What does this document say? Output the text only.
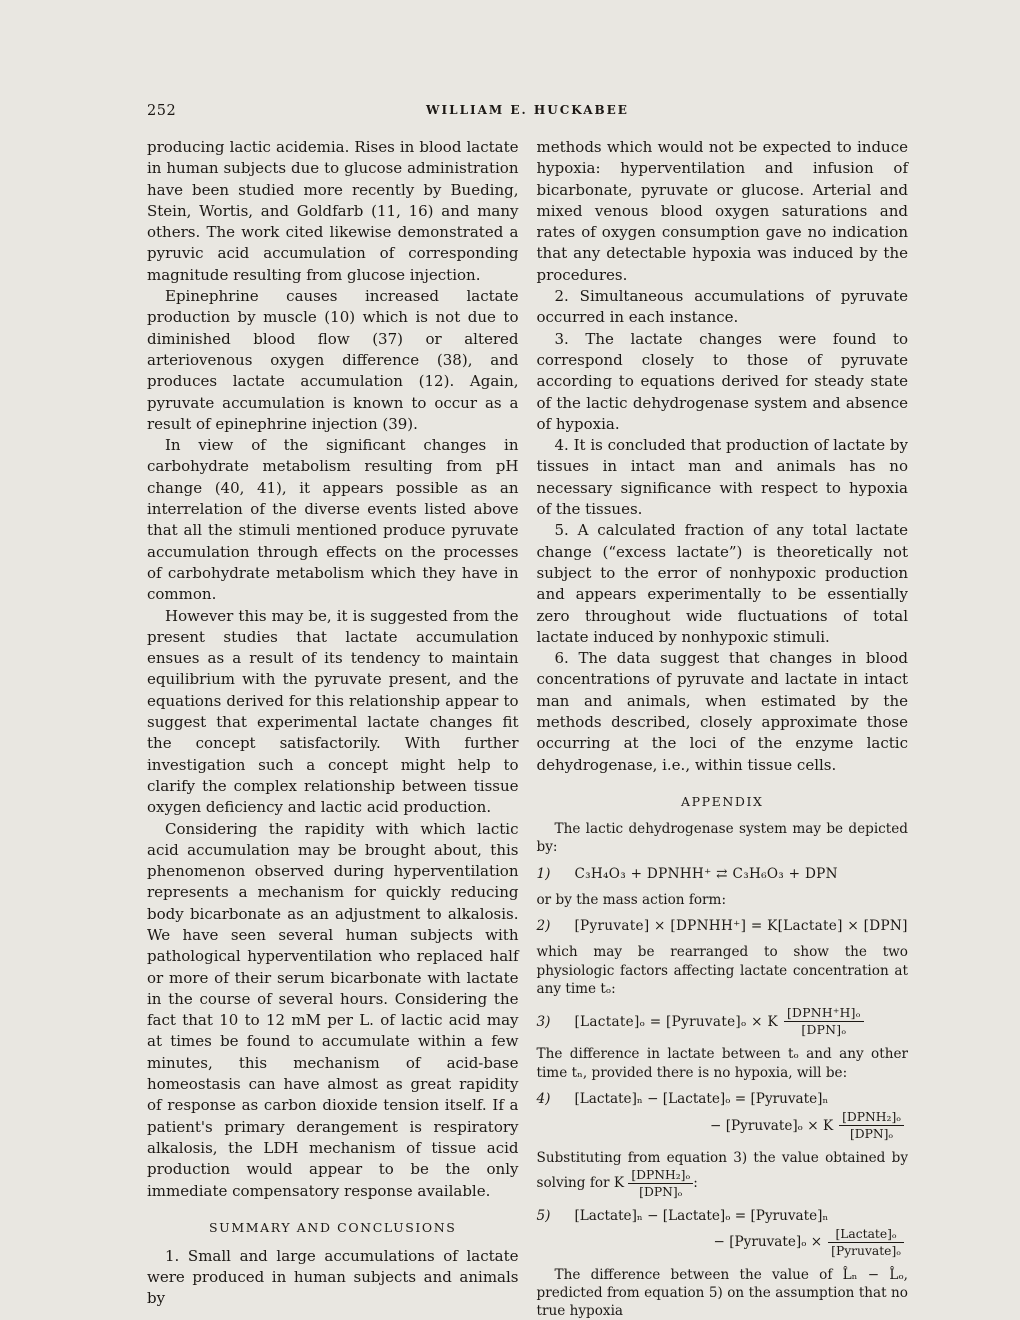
252	WILLIAM E. HUCKABEE

producing lactic acidemia. Rises in blood lactate in human subjects due to glucose administration have been studied more recently by Bueding, Stein, Wortis, and Goldfarb (11, 16) and many others. The work cited likewise demonstrated a pyruvic acid accumulation of corresponding magnitude resulting from glucose injection.

Epinephrine causes increased lactate production by muscle (10) which is not due to diminished blood flow (37) or altered arteriovenous oxygen difference (38), and produces lactate accumulation (12). Again, pyruvate accumulation is known to occur as a result of epinephrine injection (39).

In view of the significant changes in carbohydrate metabolism resulting from pH change (40, 41), it appears possible as an interrelation of the diverse events listed above that all the stimuli mentioned produce pyruvate accumulation through effects on the processes of carbohydrate metabolism which they have in common.

However this may be, it is suggested from the present studies that lactate accumulation ensues as a result of its tendency to maintain equilibrium with the pyruvate present, and the equations derived for this relationship appear to suggest that experimental lactate changes fit the concept satisfactorily. With further investigation such a concept might help to clarify the complex relationship between tissue oxygen deficiency and lactic acid production.

Considering the rapidity with which lactic acid accumulation may be brought about, this phenomenon observed during hyperventilation represents a mechanism for quickly reducing body bicarbonate as an adjustment to alkalosis. We have seen several human subjects with pathological hyperventilation who replaced half or more of their serum bicarbonate with lactate in the course of several hours. Considering the fact that 10 to 12 mM per L. of lactic acid may at times be found to accumulate within a few minutes, this mechanism of acid-base homeostasis can have almost as great rapidity of response as carbon dioxide tension itself. If a patient's primary derangement is respiratory alkalosis, the LDH mechanism of tissue acid production would appear to be the only immediate compensatory response available.

SUMMARY AND CONCLUSIONS

1. Small and large accumulations of lactate were produced in human subjects and animals by

methods which would not be expected to induce hypoxia: hyperventilation and infusion of bicarbonate, pyruvate or glucose. Arterial and mixed venous blood oxygen saturations and rates of oxygen consumption gave no indication that any detectable hypoxia was induced by the procedures.

2. Simultaneous accumulations of pyruvate occurred in each instance.

3. The lactate changes were found to correspond closely to those of pyruvate according to equations derived for steady state of the lactic dehydrogenase system and absence of hypoxia.

4. It is concluded that production of lactate by tissues in intact man and animals has no necessary significance with respect to hypoxia of the tissues.

5. A calculated fraction of any total lactate change (“excess lactate”) is theoretically not subject to the error of nonhypoxic production and appears experimentally to be essentially zero throughout wide fluctuations of total lactate induced by nonhypoxic stimuli.

6. The data suggest that changes in blood concentrations of pyruvate and lactate in intact man and animals, when estimated by the methods described, closely approximate those occurring at the loci of the enzyme lactic dehydrogenase, i.e., within tissue cells.

APPENDIX

The lactic dehydrogenase system may be depicted by:

1) C₃H₄O₃ + DPNHH⁺ ⇄ C₃H₆O₃ + DPN

or by the mass action form:

2) [Pyruvate] × [DPNHH⁺] = K[Lactate] × [DPN]

which may be rearranged to show the two physiologic factors affecting lactate concentration at any time tₒ:

3) [Lactate]ₒ = [Pyruvate]ₒ × K $\frac{\text{[DPNH⁺H]ₒ}}{\text{[DPN]ₒ}}$

The difference in lactate between tₒ and any other time tₙ, provided there is no hypoxia, will be:

4) [Lactate]ₙ − [Lactate]ₒ = [Pyruvate]ₙ
− [Pyruvate]ₒ × K $\frac{\text{[DPNH₂]ₒ}}{\text{[DPN]ₒ}}$

Substituting from equation 3) the value obtained by solving for K $\frac{\text{[DPNH₂]ₒ}}{\text{[DPN]ₒ}}$ :

5) [Lactate]ₙ − [Lactate]ₒ = [Pyruvate]ₙ
− [Pyruvate]ₒ × $\frac{\text{[Lactate]ₒ}}{\text{[Pyruvate]ₒ}}$

The difference between the value of L̂ₙ − L̂ₒ, predicted from equation 5) on the assumption that no true hypoxia
